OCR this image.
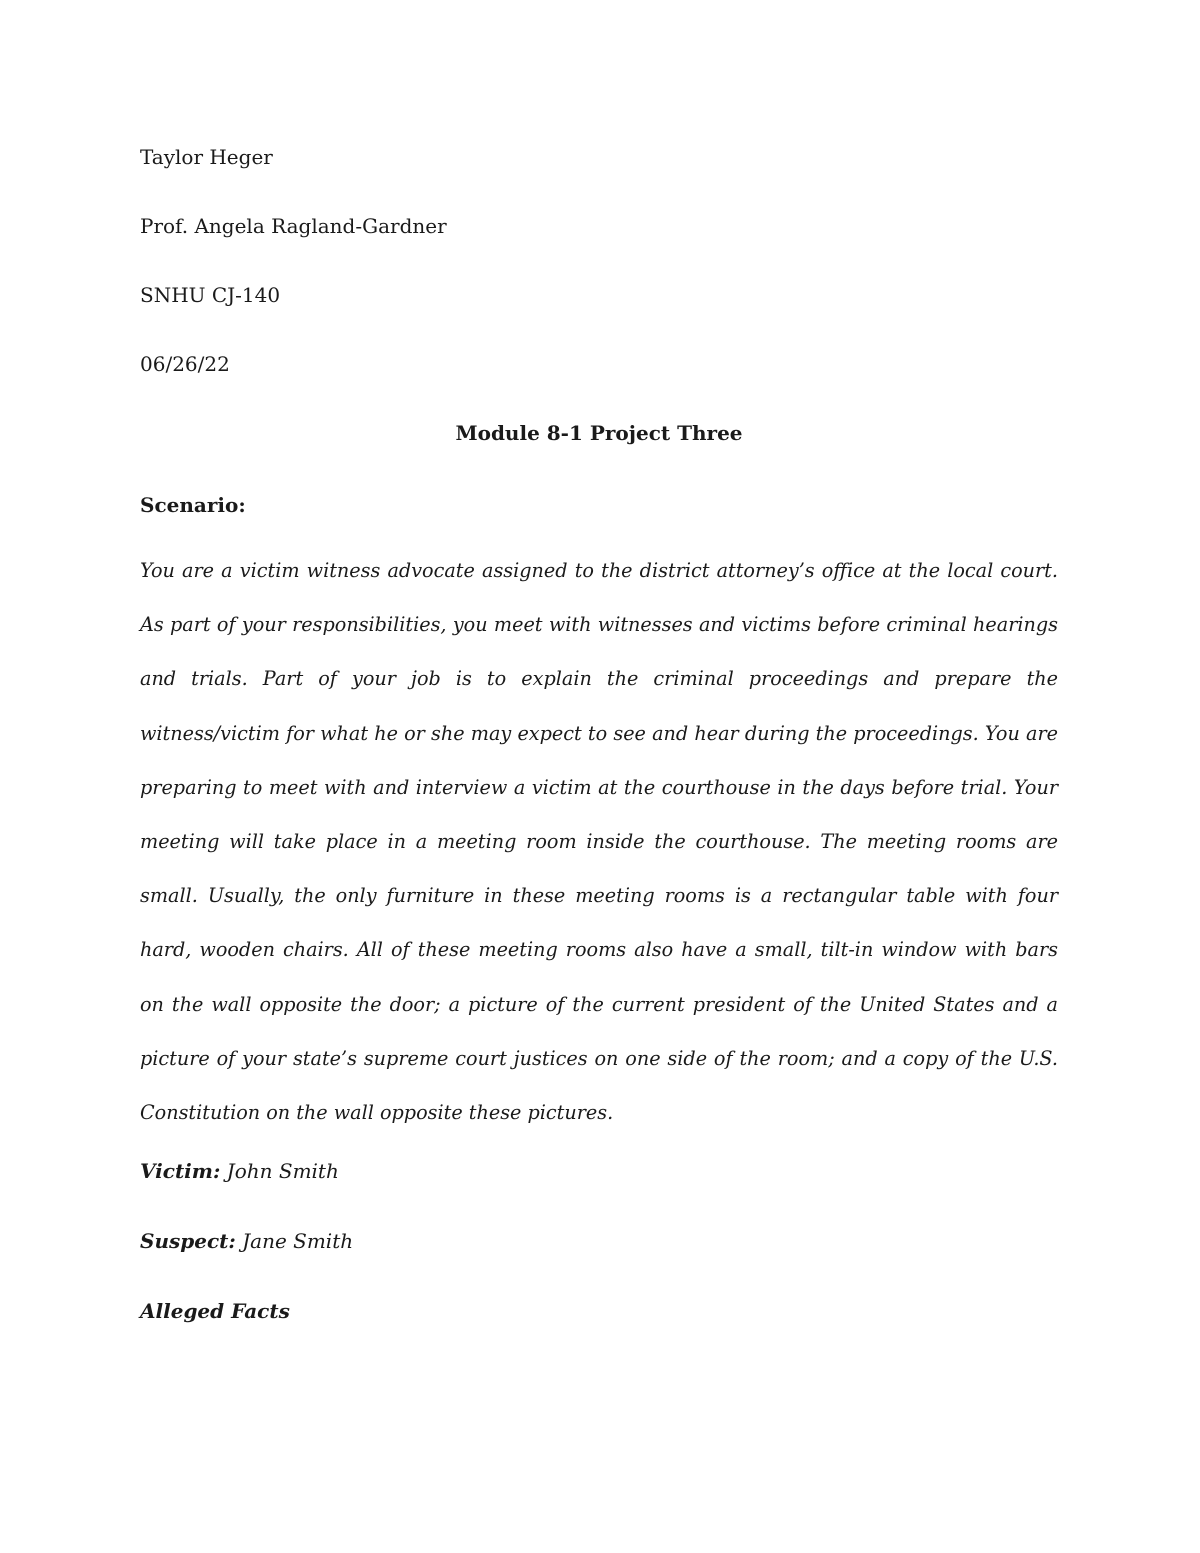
Taylor Heger
Prof. Angela Ragland-Gardner
SNHU CJ-140
06/26/22
Module 8-1 Project Three
Scenario:

You are a victim witness advocate assigned to the district attorney’s office at the local court. As part of your responsibilities, you meet with witnesses and victims before criminal hearings and trials. Part of your job is to explain the criminal proceedings and prepare the witness/victim for what he or she may expect to see and hear during the proceedings. You are preparing to meet with and interview a victim at the courthouse in the days before trial. Your meeting will take place in a meeting room inside the courthouse. The meeting rooms are small. Usually, the only furniture in these meeting rooms is a rectangular table with four hard, wooden chairs. All of these meeting rooms also have a small, tilt-in window with bars on the wall opposite the door; a picture of the current president of the United States and a picture of your state’s supreme court justices on one side of the room; and a copy of the U.S. Constitution on the wall opposite these pictures.

Victim: John Smith
Suspect: Jane Smith
Alleged Facts
